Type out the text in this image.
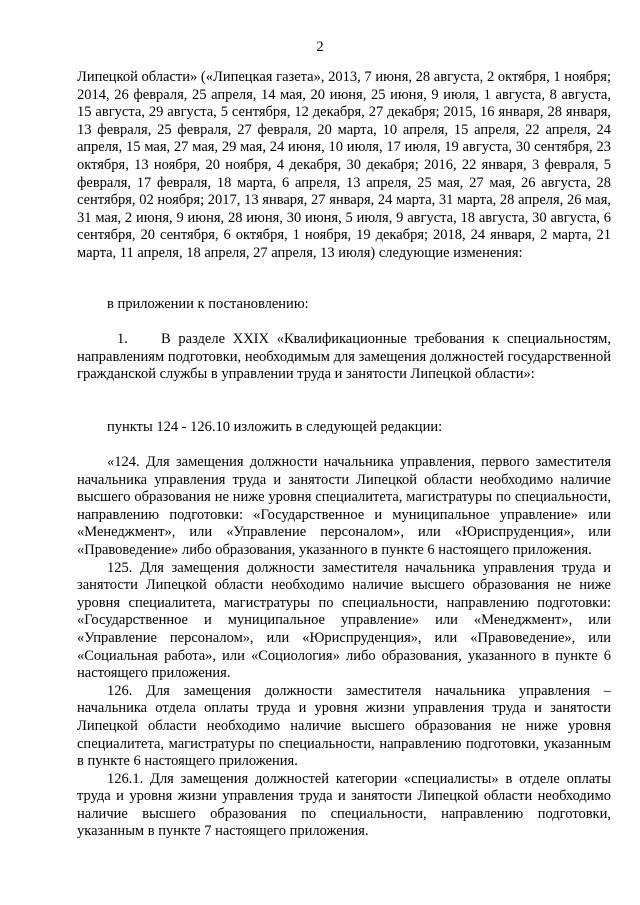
2

Липецкой области» («Липецкая газета», 2013, 7 июня, 28 августа, 2 октября, 1 ноября; 2014, 26 февраля, 25 апреля, 14 мая, 20 июня, 25 июня, 9 июля, 1 августа, 8 августа, 15 августа, 29 августа, 5 сентября, 12 декабря, 27 декабря; 2015, 16 января, 28 января, 13 февраля, 25 февраля, 27 февраля, 20 марта, 10 апреля, 15 апреля, 22 апреля, 24 апреля, 15 мая, 27 мая, 29 мая, 24 июня, 10 июля, 17 июля, 19 августа, 30 сентября, 23 октября, 13 ноября, 20 ноября, 4 декабря, 30 декабря; 2016, 22 января, 3 февраля, 5 февраля, 17 февраля, 18 марта, 6 апреля, 13 апреля, 25 мая, 27 мая, 26 августа, 28 сентября, 02 ноября; 2017, 13 января, 27 января, 24 марта, 31 марта, 28 апреля, 26 мая, 31 мая, 2 июня, 9 июня, 28 июня, 30 июня, 5 июля, 9 августа, 18 августа, 30 августа, 6 сентября, 20 сентября, 6 октября, 1 ноября, 19 декабря; 2018, 24 января, 2 марта, 21 марта, 11 апреля, 18 апреля, 27 апреля, 13 июля) следующие изменения:

в приложении к постановлению:

1. В разделе XXIX «Квалификационные требования к специальностям, направлениям подготовки, необходимым для замещения должностей государственной гражданской службы в управлении труда и занятости Липецкой области»:

пункты 124 - 126.10 изложить в следующей редакции:

«124. Для замещения должности начальника управления, первого заместителя начальника управления труда и занятости Липецкой области необходимо наличие высшего образования не ниже уровня специалитета, магистратуры по специальности, направлению подготовки: «Государственное и муниципальное управление» или «Менеджмент», или «Управление персоналом», или «Юриспруденция», или «Правоведение» либо образования, указанного в пункте 6 настоящего приложения.

125. Для замещения должности заместителя начальника управления труда и занятости Липецкой области необходимо наличие высшего образования не ниже уровня специалитета, магистратуры по специальности, направлению подготовки: «Государственное и муниципальное управление» или «Менеджмент», или «Управление персоналом», или «Юриспруденция», или «Правоведение», или «Социальная работа», или «Социология» либо образования, указанного в пункте 6 настоящего приложения.

126. Для замещения должности заместителя начальника управления – начальника отдела оплаты труда и уровня жизни управления труда и занятости Липецкой области необходимо наличие высшего образования не ниже уровня специалитета, магистратуры по специальности, направлению подготовки, указанным в пункте 6 настоящего приложения.

126.1. Для замещения должностей категории «специалисты» в отделе оплаты труда и уровня жизни управления труда и занятости Липецкой области необходимо наличие высшего образования по специальности, направлению подготовки, указанным в пункте 7 настоящего приложения.
